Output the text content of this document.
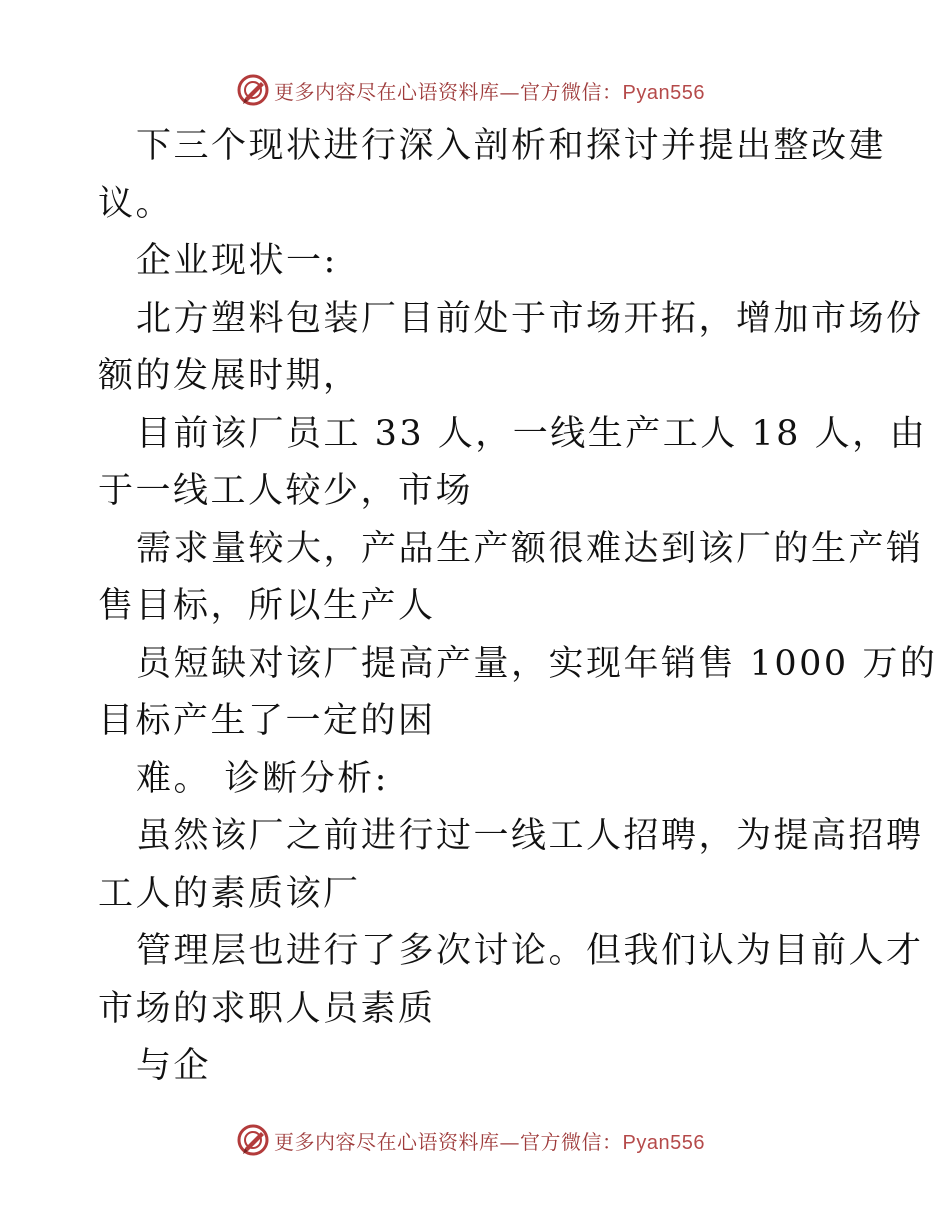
更多内容尽在心语资料库—官方微信：Pyan556
下三个现状进行深入剖析和探讨并提出整改建
议。
企业现状一:
北方塑料包装厂目前处于市场开拓，增加市场份
额的发展时期，
目前该厂员工 33 人，一线生产工人 18 人，由
于一线工人较少，市场
需求量较大，产品生产额很难达到该厂的生产销
售目标，所以生产人
员短缺对该厂提高产量，实现年销售 1000 万的
目标产生了一定的困
难。 诊断分析:
虽然该厂之前进行过一线工人招聘，为提高招聘
工人的素质该厂
管理层也进行了多次讨论。但我们认为目前人才
市场的求职人员素质
与企
更多内容尽在心语资料库—官方微信：Pyan556
